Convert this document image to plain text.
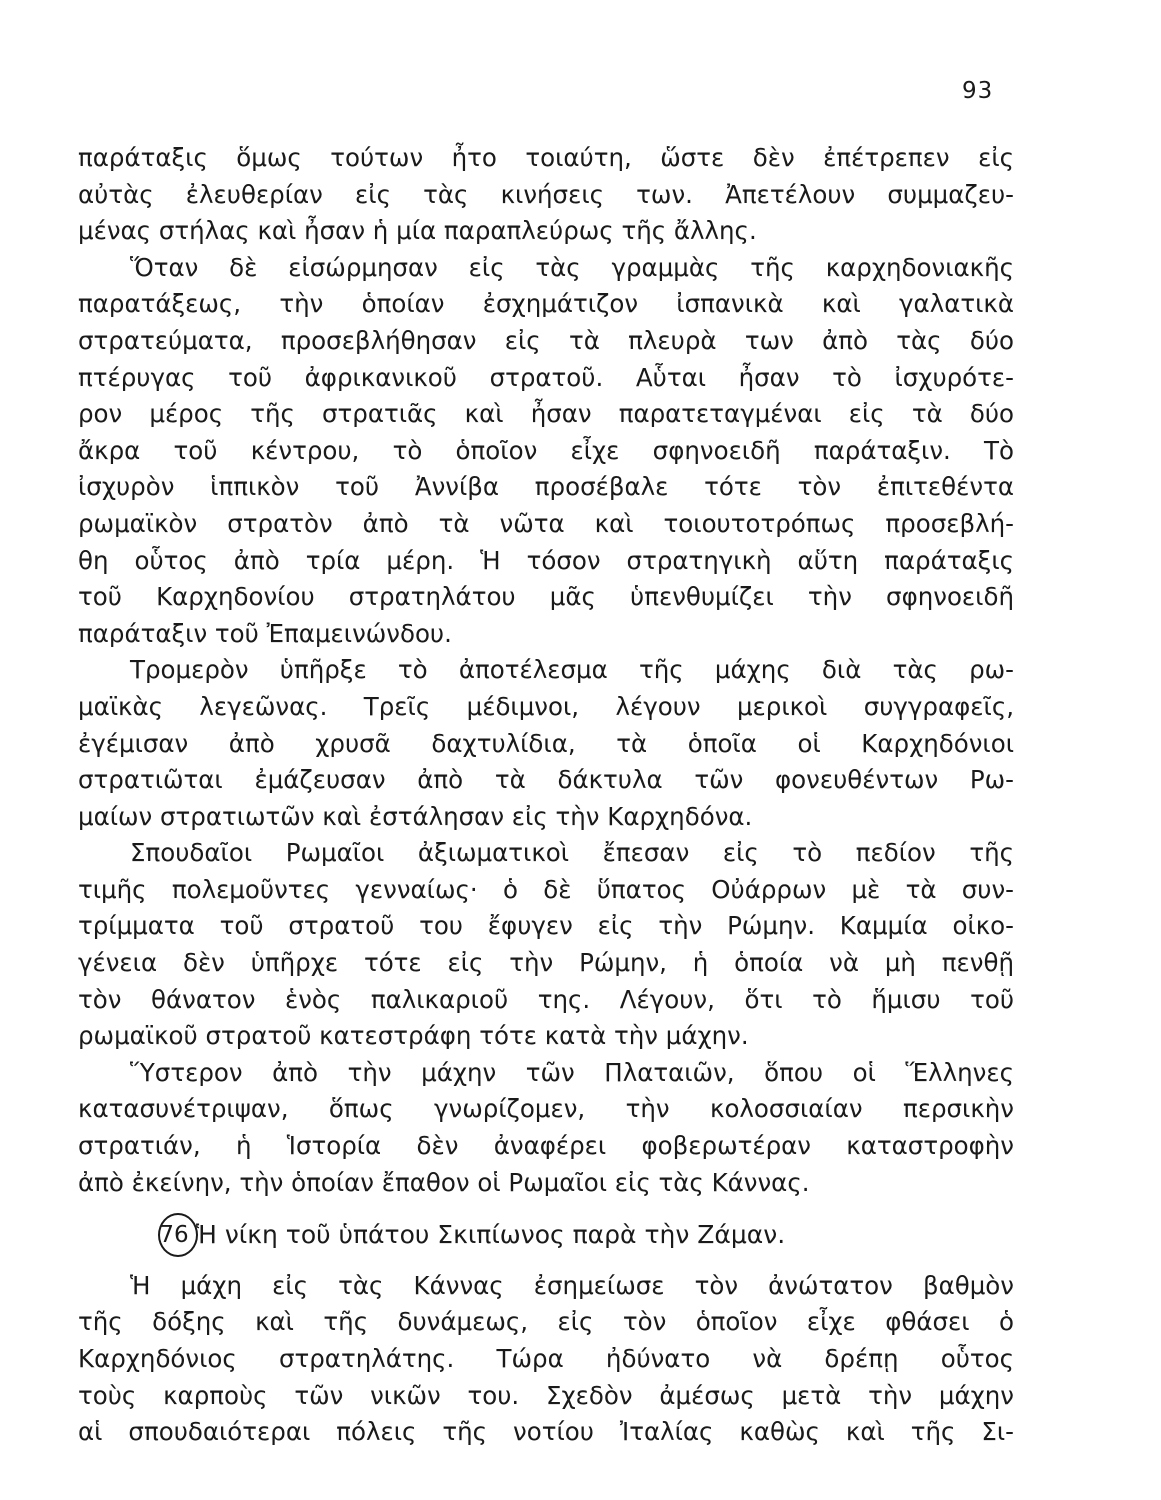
93
παράταξις ὅμως τούτων ἦτο τοιαύτη, ὥστε δὲν ἐπέτρεπεν εἰς
αὐτὰς ἐλευθερίαν εἰς τὰς κινήσεις των. Ἀπετέλουν συμμαζευ-
μένας στήλας καὶ ἦσαν ἡ μία παραπλεύρως τῆς ἄλλης.
Ὅταν δὲ εἰσώρμησαν εἰς τὰς γραμμὰς τῆς καρχηδονιακῆς
παρατάξεως, τὴν ὁποίαν ἐσχημάτιζον ἰσπανικὰ καὶ γαλατικὰ
στρατεύματα, προσεβλήθησαν εἰς τὰ πλευρὰ των ἀπὸ τὰς δύο
πτέρυγας τοῦ ἀφρικανικοῦ στρατοῦ. Αὗται ἦσαν τὸ ἰσχυρότε-
ρον μέρος τῆς στρατιᾶς καὶ ἦσαν παρατεταγμέναι εἰς τὰ δύο
ἄκρα τοῦ κέντρου, τὸ ὁποῖον εἶχε σφηνοειδῆ παράταξιν. Τὸ
ἰσχυρὸν ἱππικὸν τοῦ Ἀννίβα προσέβαλε τότε τὸν ἐπιτεθέντα
ρωμαϊκὸν στρατὸν ἀπὸ τὰ νῶτα καὶ τοιουτοτρόπως προσεβλή-
θη οὗτος ἀπὸ τρία μέρη. Ἡ τόσον στρατηγικὴ αὕτη παράταξις
τοῦ Καρχηδονίου στρατηλάτου μᾶς ὑπενθυμίζει τὴν σφηνοειδῆ
παράταξιν τοῦ Ἐπαμεινώνδου.
Τρομερὸν ὑπῆρξε τὸ ἀποτέλεσμα τῆς μάχης διὰ τὰς ρω-
μαϊκὰς λεγεῶνας. Τρεῖς μέδιμνοι, λέγουν μερικοὶ συγγραφεῖς,
ἐγέμισαν ἀπὸ χρυσᾶ δαχτυλίδια, τὰ ὁποῖα οἱ Καρχηδόνιοι
στρατιῶται ἐμάζευσαν ἀπὸ τὰ δάκτυλα τῶν φονευθέντων Ρω-
μαίων στρατιωτῶν καὶ ἐστάλησαν εἰς τὴν Καρχηδόνα.
Σπουδαῖοι Ρωμαῖοι ἀξιωματικοὶ ἔπεσαν εἰς τὸ πεδίον τῆς
τιμῆς πολεμοῦντες γενναίως· ὁ δὲ ὕπατος Οὐάρρων μὲ τὰ συν-
τρίμματα τοῦ στρατοῦ του ἔφυγεν εἰς τὴν Ρώμην. Καμμία οἰκο-
γένεια δὲν ὑπῆρχε τότε εἰς τὴν Ρώμην, ἡ ὁποία νὰ μὴ πενθῇ
τὸν θάνατον ἑνὸς παλικαριοῦ της. Λέγουν, ὅτι τὸ ἥμισυ τοῦ
ρωμαϊκοῦ στρατοῦ κατεστράφη τότε κατὰ τὴν μάχην.
Ὕστερον ἀπὸ τὴν μάχην τῶν Πλαταιῶν, ὅπου οἱ Ἕλληνες
κατασυνέτριψαν, ὅπως γνωρίζομεν, τὴν κολοσσιαίαν περσικὴν
στρατιάν, ἡ Ἱστορία δὲν ἀναφέρει φοβερωτέραν καταστροφὴν
ἀπὸ ἐκείνην, τὴν ὁποίαν ἔπαθον οἱ Ρωμαῖοι εἰς τὰς Κάννας.
76 Ἡ νίκη τοῦ ὑπάτου Σκιπίωνος παρὰ τὴν Ζάμαν.
Ἡ μάχη εἰς τὰς Κάννας ἐσημείωσε τὸν ἀνώτατον βαθμὸν
τῆς δόξης καὶ τῆς δυνάμεως, εἰς τὸν ὁποῖον εἶχε φθάσει ὁ
Καρχηδόνιος στρατηλάτης. Τώρα ἠδύνατο νὰ δρέπῃ οὗτος
τοὺς καρποὺς τῶν νικῶν του. Σχεδὸν ἀμέσως μετὰ τὴν μάχην
αἱ σπουδαιότεραι πόλεις τῆς νοτίου Ἰταλίας καθὼς καὶ τῆς Σι-
